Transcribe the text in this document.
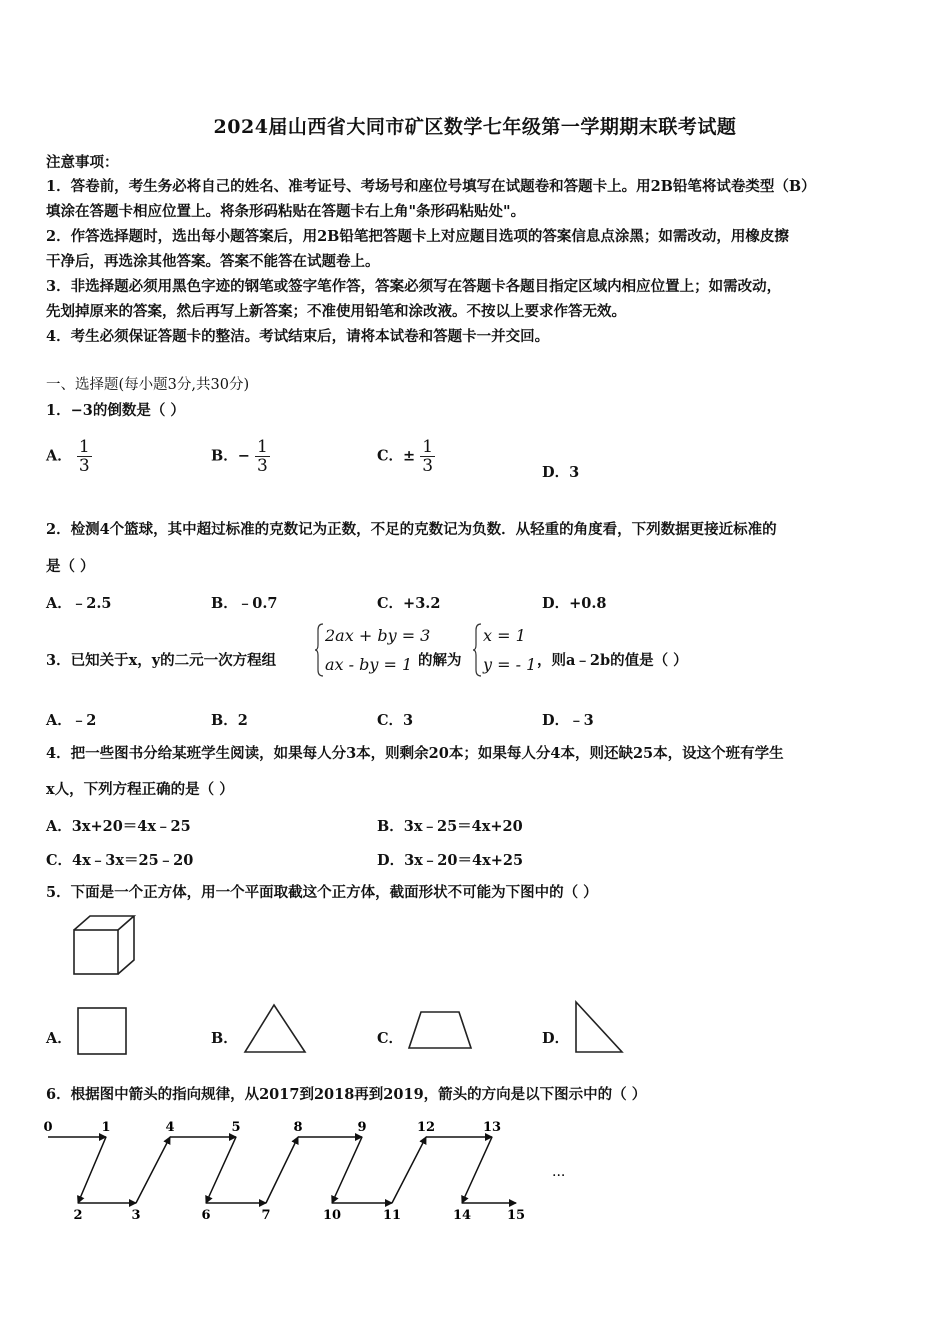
2024届山西省大同市矿区数学七年级第一学期期末联考试题
注意事项：
1．答卷前，考生务必将自己的姓名、准考证号、考场号和座位号填写在试题卷和答题卡上。用2B铅笔将试卷类型（B）
填涂在答题卡相应位置上。将条形码粘贴在答题卡右上角"条形码粘贴处"。
2．作答选择题时，选出每小题答案后，用2B铅笔把答题卡上对应题目选项的答案信息点涂黑；如需改动，用橡皮擦
干净后，再选涂其他答案。答案不能答在试题卷上。
3．非选择题必须用黑色字迹的钢笔或签字笔作答，答案必须写在答题卡各题目指定区域内相应位置上；如需改动，
先划掉原来的答案，然后再写上新答案；不准使用铅笔和涂改液。不按以上要求作答无效。
4．考生必须保证答题卡的整洁。考试结束后，请将本试卷和答题卡一并交回。
一、选择题(每小题3分,共30分)
1．−3的倒数是（ ）
A． $\frac{1}{3}$	B．− $\frac{1}{3}$	C．± $\frac{1}{3}$	D．3
2．检测4个篮球，其中超过标准的克数记为正数，不足的克数记为负数．从轻重的角度看，下列数据更接近标准的
是（ ）
A．﹣2.5	B．﹣0.7	C．+3.2	D．+0.8
3．已知关于x，y的二元一次方程组
2ax + by = 3
ax - by = 1 的解为
x = 1
y = - 1 ，则a﹣2b的值是（ ）
A．﹣2	B．2	C．3	D．﹣3
4．把一些图书分给某班学生阅读，如果每人分3本，则剩余20本；如果每人分4本，则还缺25本，设这个班有学生
x人，下列方程正确的是（ ）
A．3x+20＝4x﹣25	B．3x﹣25＝4x+20
C．4x﹣3x＝25﹣20	D．3x﹣20＝4x+25
5．下面是一个正方体，用一个平面取截这个正方体，截面形状不可能为下图中的（ ）
A．	B．	C．	D．
6．根据图中箭头的指向规律，从2017到2018再到2019，箭头的方向是以下图示中的（ ）
...
0	1	4	5	8	9	12	13
2	3	6	7	10	11	14	15
